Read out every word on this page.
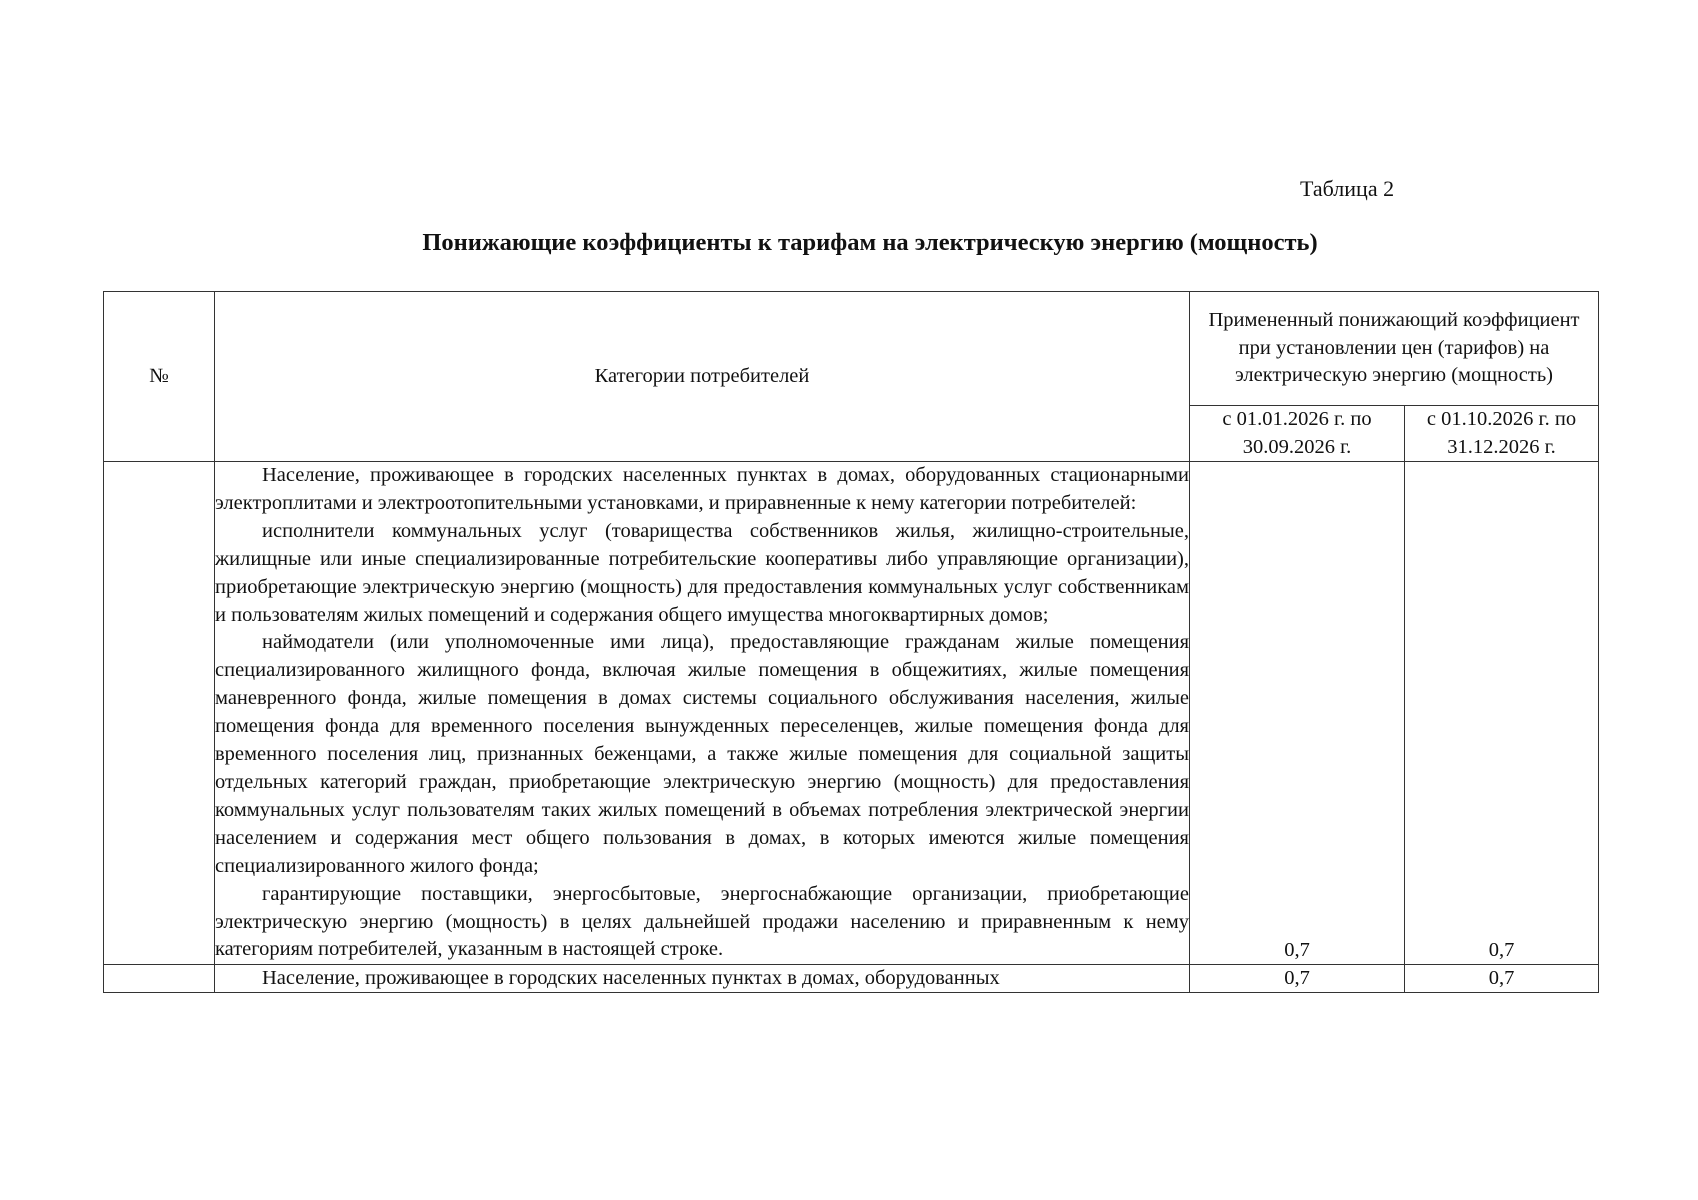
Таблица 2
Понижающие коэффициенты к тарифам на электрическую энергию (мощность)
№	Категории потребителей	Примененный понижающий коэффициент при установлении цен (тарифов) на электрическую энергию (мощность)	
		с 01.01.2026 г. по 30.09.2026 г.	с 01.10.2026 г. по 31.12.2026 г.

	Население, проживающее в городских населенных пунктах в домах, оборудованных стационарными электроплитами и электроотопительными установками, и приравненные к нему категории потребителей:

исполнители коммунальных услуг (товарищества собственников жилья, жилищно-строительные, жилищные или иные специализированные потребительские кооперативы либо управляющие организации), приобретающие электрическую энергию (мощность) для предоставления коммунальных услуг собственникам и пользователям жилых помещений и содержания общего имущества многоквартирных домов;

наймодатели (или уполномоченные ими лица), предоставляющие гражданам жилые помещения специализированного жилищного фонда, включая жилые помещения в общежитиях, жилые помещения маневренного фонда, жилые помещения в домах системы социального обслуживания населения, жилые помещения фонда для временного поселения вынужденных переселенцев, жилые помещения фонда для временного поселения лиц, признанных беженцами, а также жилые помещения для социальной защиты отдельных категорий граждан, приобретающие электрическую энергию (мощность) для предоставления коммунальных услуг пользователям таких жилых помещений в объемах потребления электрической энергии населением и содержания мест общего пользования в домах, в которых имеются жилые помещения специализированного жилого фонда;

гарантирующие поставщики, энергосбытовые, энергоснабжающие организации, приобретающие электрическую энергию (мощность) в целях дальнейшей продажи населению и приравненным к нему категориям потребителей, указанным в настоящей строке.	0,7	0,7

	Население, проживающее в городских населенных пунктах в домах, оборудованных	0,7	0,7
